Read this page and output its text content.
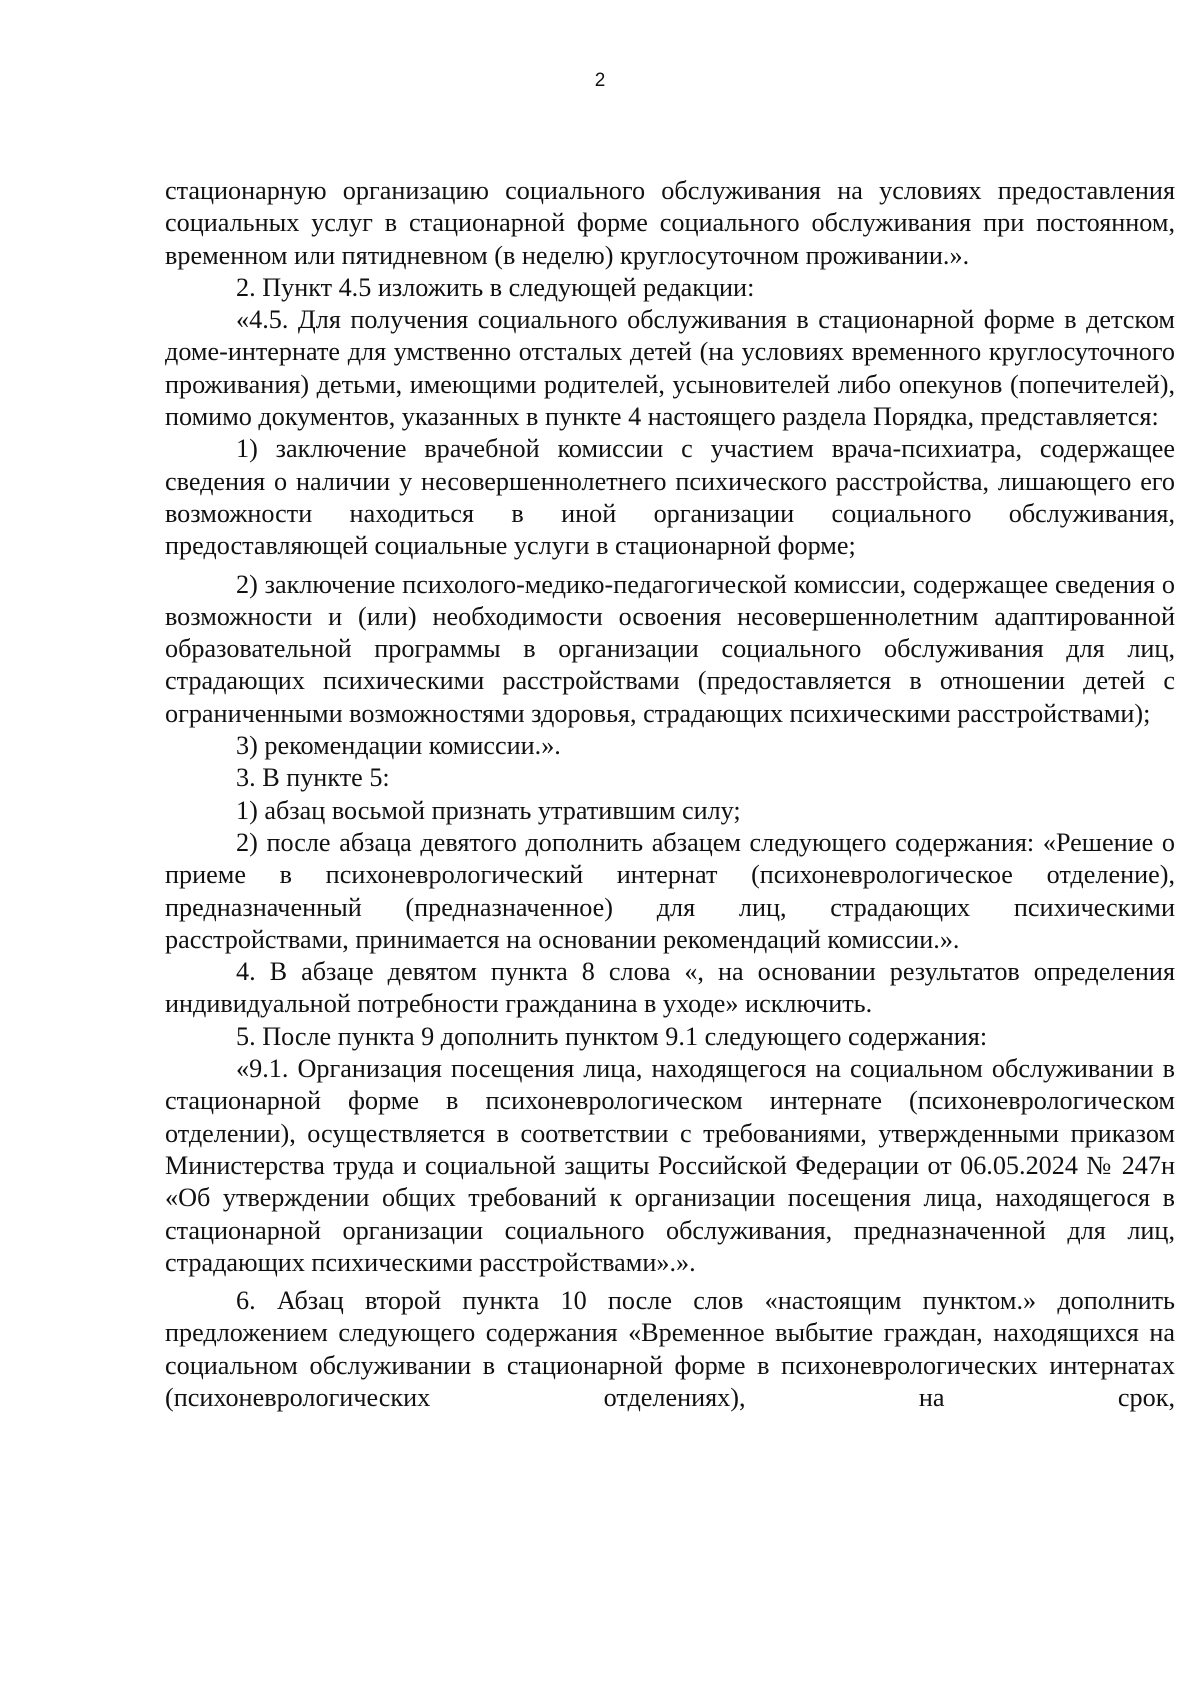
2

стационарную организацию социального обслуживания на условиях предоставления социальных услуг в стационарной форме социального обслуживания при постоянном, временном или пятидневном (в неделю) круглосуточном проживании.».

2. Пункт 4.5 изложить в следующей редакции:

«4.5. Для получения социального обслуживания в стационарной форме в детском доме-интернате для умственно отсталых детей (на условиях временного круглосуточного проживания) детьми, имеющими родителей, усыновителей либо опекунов (попечителей), помимо документов, указанных в пункте 4 настоящего раздела Порядка, представляется:

1) заключение врачебной комиссии с участием врача-психиатра, содержащее сведения о наличии у несовершеннолетнего психического расстройства, лишающего его возможности находиться в иной организации социального обслуживания, предоставляющей социальные услуги в стационарной форме;

2) заключение психолого-медико-педагогической комиссии, содержащее сведения о возможности и (или) необходимости освоения несовершеннолетним адаптированной образовательной программы в организации социального обслуживания для лиц, страдающих психическими расстройствами (предоставляется в отношении детей с ограниченными возможностями здоровья, страдающих психическими расстройствами);

3) рекомендации комиссии.».

3. В пункте 5:

1) абзац восьмой признать утратившим силу;

2) после абзаца девятого дополнить абзацем следующего содержания: «Решение о приеме в психоневрологический интернат (психоневрологическое отделение), предназначенный (предназначенное) для лиц, страдающих психическими расстройствами, принимается на основании рекомендаций комиссии.».

4. В абзаце девятом пункта 8 слова «, на основании результатов определения индивидуальной потребности гражданина в уходе» исключить.

5. После пункта 9 дополнить пунктом 9.1 следующего содержания:

«9.1. Организация посещения лица, находящегося на социальном обслуживании в стационарной форме в психоневрологическом интернате (психоневрологическом отделении), осуществляется в соответствии с требованиями, утвержденными приказом Министерства труда и социальной защиты Российской Федерации от 06.05.2024 № 247н «Об утверждении общих требований к организации посещения лица, находящегося в стационарной организации социального обслуживания, предназначенной для лиц, страдающих психическими расстройствами».».

6. Абзац второй пункта 10 после слов «настоящим пунктом.» дополнить предложением следующего содержания «Временное выбытие граждан, находящихся на социальном обслуживании в стационарной форме в психоневрологических интернатах (психоневрологических отделениях), на срок,
